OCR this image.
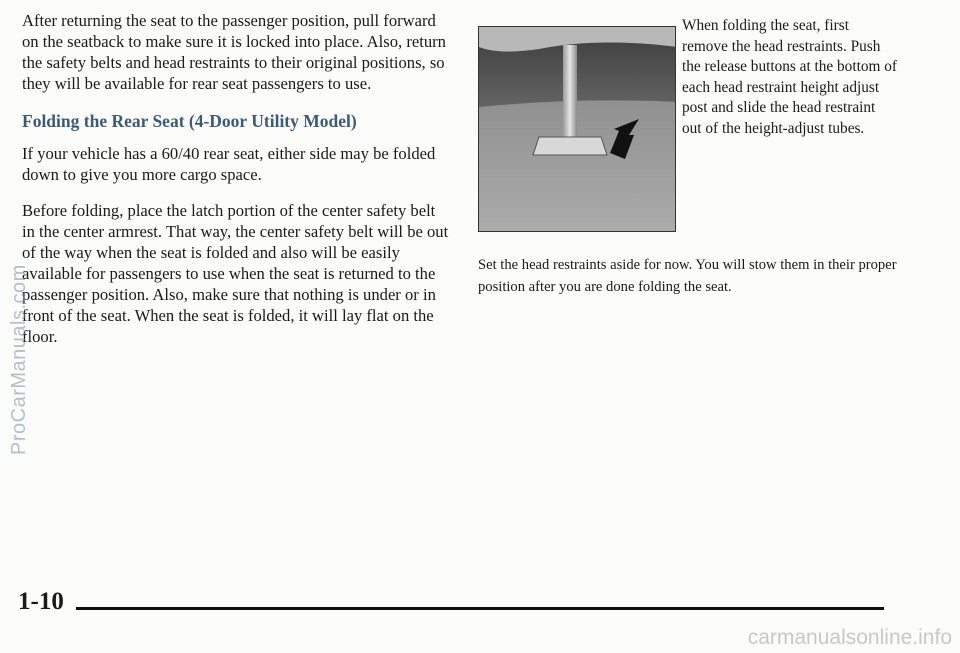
After returning the seat to the passenger position, pull forward on the seatback to make sure it is locked into place. Also, return the safety belts and head restraints to their original positions, so they will be available for rear seat passengers to use.

Folding the Rear Seat (4-Door Utility Model)

If your vehicle has a 60/40 rear seat, either side may be folded down to give you more cargo space.

Before folding, place the latch portion of the center safety belt in the center armrest. That way, the center safety belt will be out of the way when the seat is folded and also will be easily available for passengers to use when the seat is returned to the passenger position. Also, make sure that nothing is under or in front of the seat. When the seat is folded, it will lay flat on the floor.

When folding the seat, first remove the head restraints. Push the release buttons at the bottom of each head restraint height adjust post and slide the head restraint out of the height-adjust tubes.

Set the head restraints aside for now. You will stow them in their proper position after you are done folding the seat.

ProCarManuals.com

1-10

carmanualsonline.info
